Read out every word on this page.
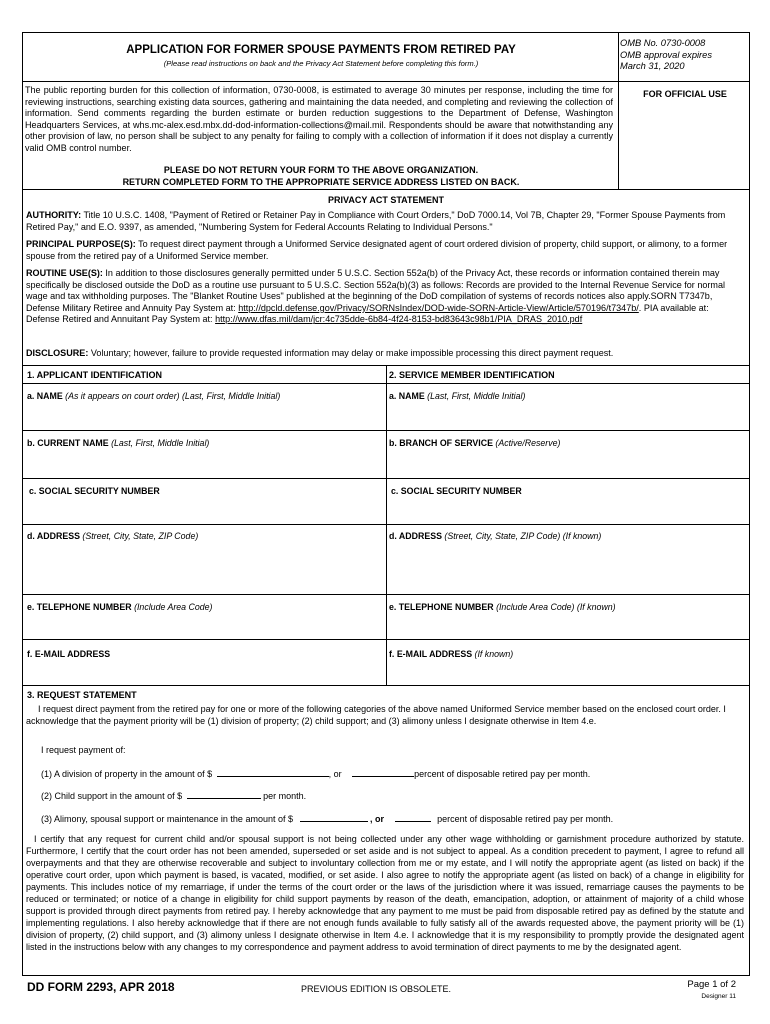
APPLICATION FOR FORMER SPOUSE PAYMENTS FROM RETIRED PAY
(Please read instructions on back and the Privacy Act Statement before completing this form.)
OMB No. 0730-0008
OMB approval expires
March 31, 2020
The public reporting burden for this collection of information, 0730-0008, is estimated to average 30 minutes per response, including the time for reviewing instructions, searching existing data sources, gathering and maintaining the data needed, and completing and reviewing the collection of information. Send comments regarding the burden estimate or burden reduction suggestions to the Department of Defense, Washington Headquarters Services, at whs.mc-alex.esd.mbx.dd-dod-information-collections@mail.mil. Respondents should be aware that notwithstanding any other provision of law, no person shall be subject to any penalty for failing to comply with a collection of information if it does not display a currently valid OMB control number.
FOR OFFICIAL USE
PLEASE DO NOT RETURN YOUR FORM TO THE ABOVE ORGANIZATION.
RETURN COMPLETED FORM TO THE APPROPRIATE SERVICE ADDRESS LISTED ON BACK.
PRIVACY ACT STATEMENT
AUTHORITY: Title 10 U.S.C. 1408, "Payment of Retired or Retainer Pay in Compliance with Court Orders," DoD 7000.14, Vol 7B, Chapter 29, "Former Spouse Payments from Retired Pay," and E.O. 9397, as amended, "Numbering System for Federal Accounts Relating to Individual Persons."
PRINCIPAL PURPOSE(S): To request direct payment through a Uniformed Service designated agent of court ordered division of property, child support, or alimony, to a former spouse from the retired pay of a Uniformed Service member.
ROUTINE USE(S): In addition to those disclosures generally permitted under 5 U.S.C. Section 552a(b) of the Privacy Act, these records or information contained therein may specifically be disclosed outside the DoD as a routine use pursuant to 5 U.S.C. Section 552a(b)(3) as follows: Records are provided to the Internal Revenue Service for normal wage and tax withholding purposes. The "Blanket Routine Uses" published at the beginning of the DoD compilation of systems of records notices also apply.SORN T7347b, Defense Military Retiree and Annuity Pay System at: http://dpcld.defense.gov/Privacy/SORNsIndex/DOD-wide-SORN-Article-View/Article/570196/t7347b/. PIA available at: Defense Retired and Annuitant Pay System at: http://www.dfas.mil/dam/jcr:4c735dde-6b84-4f24-8153-bd83643c98b1/PIA_DRAS_2010.pdf
DISCLOSURE: Voluntary; however, failure to provide requested information may delay or make impossible processing this direct payment request.
1. APPLICANT IDENTIFICATION	2. SERVICE MEMBER IDENTIFICATION
a. NAME (As it appears on court order) (Last, First, Middle Initial)	a. NAME (Last, First, Middle Initial)
b. CURRENT NAME (Last, First, Middle Initial)	b. BRANCH OF SERVICE (Active/Reserve)
c. SOCIAL SECURITY NUMBER	c. SOCIAL SECURITY NUMBER
d. ADDRESS (Street, City, State, ZIP Code)	d. ADDRESS (Street, City, State, ZIP Code) (If known)
e. TELEPHONE NUMBER (Include Area Code)	e. TELEPHONE NUMBER (Include Area Code) (If known)
f. E-MAIL ADDRESS	f. E-MAIL ADDRESS (If known)
3. REQUEST STATEMENT
I request direct payment from the retired pay for one or more of the following categories of the above named Uniformed Service member based on the enclosed court order. I acknowledge that the payment priority will be (1) division of property; (2) child support; and (3) alimony unless I designate otherwise in Item 4.e.
I request payment of:
(1) A division of property in the amount of $	, or	percent of disposable retired pay per month.
(2) Child support in the amount of $	per month.
(3) Alimony, spousal support or maintenance in the amount of $	, or	percent of disposable retired pay per month.
I certify that any request for current child and/or spousal support is not being collected under any other wage withholding or garnishment procedure authorized by statute. Furthermore, I certify that the court order has not been amended, superseded or set aside and is not subject to appeal. As a condition precedent to payment, I agree to refund all overpayments and that they are otherwise recoverable and subject to involuntary collection from me or my estate, and I will notify the appropriate agent (as listed on back) if the operative court order, upon which payment is based, is vacated, modified, or set aside. I also agree to notify the appropriate agent (as listed on back) of a change in eligibility for payments. This includes notice of my remarriage, if under the terms of the court order or the laws of the jurisdiction where it was issued, remarriage causes the payments to be reduced or terminated; or notice of a change in eligibility for child support payments by reason of the death, emancipation, adoption, or attainment of majority of a child whose support is provided through direct payments from retired pay. I hereby acknowledge that any payment to me must be paid from disposable retired pay as defined by the statute and implementing regulations. I also hereby acknowledge that if there are not enough funds available to fully satisfy all of the awards requested above, the payment priority will be (1) division of property, (2) child support, and (3) alimony unless I designate otherwise in Item 4.e. I acknowledge that it is my responsibility to promptly provide the designated agent listed in the instructions below with any changes to my correspondence and payment address to avoid termination of direct payments to me by the designated agent.
DD FORM 2293, APR 2018	PREVIOUS EDITION IS OBSOLETE.	Page 1 of 2
Designer 11
